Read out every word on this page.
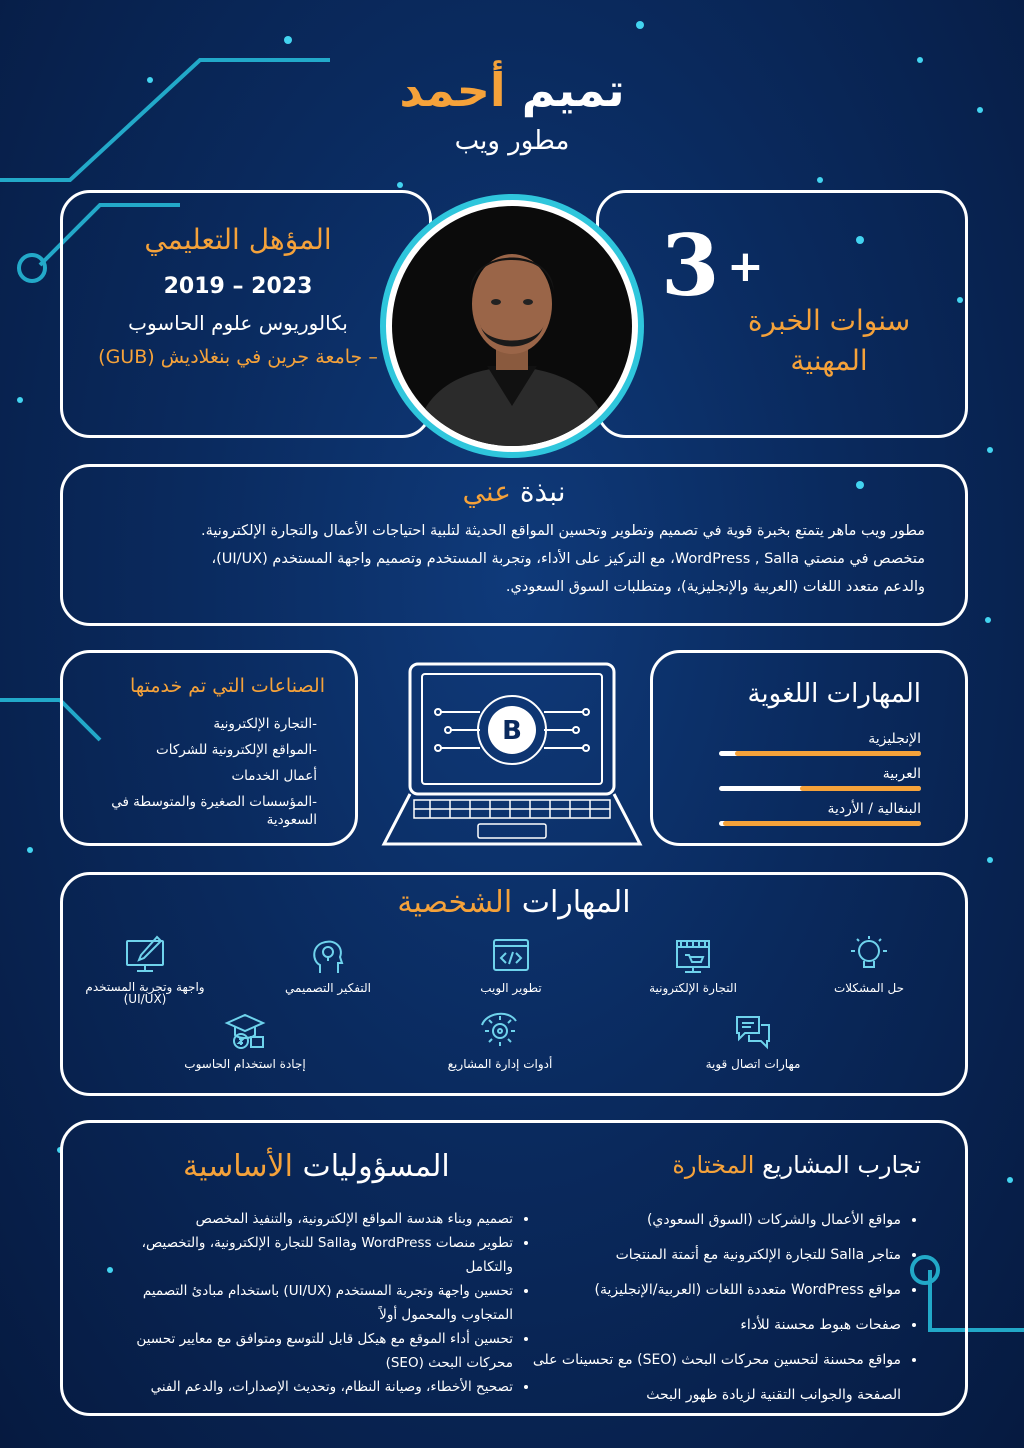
تميم أحمد
مطور ويب
المؤهل التعليمي
2019 – 2023
بكالوريوس علوم الحاسوب
– جامعة جرين في بنغلاديش (GUB)
3 +
سنوات الخبرة المهنية
نبذة عني
مطور ويب ماهر يتمتع بخبرة قوية في تصميم وتطوير وتحسين المواقع الحديثة لتلبية احتياجات الأعمال والتجارة الإلكترونية.
متخصص في منصتي WordPress , Salla، مع التركيز على الأداء، وتجربة المستخدم وتصميم واجهة المستخدم (UI/UX)،
والدعم متعدد اللغات (العربية والإنجليزية)، ومتطلبات السوق السعودي.
الصناعات التي تم خدمتها
-التجارة الإلكترونية
-المواقع الإلكترونية للشركات
أعمال الخدمات
-المؤسسات الصغيرة والمتوسطة في السعودية
B
المهارات اللغوية
الإنجليزية
العربية
البنغالية / الأردية
المهارات الشخصية
حل المشكلات
التجارة الإلكترونية
تطوير الويب
التفكير التصميمي
واجهة وتجربة المستخدم (UI/UX)
مهارات اتصال قوية
أدوات إدارة المشاريع
إجادة استخدام الحاسوب
تجارب المشاريع المختارة
• مواقع الأعمال والشركات (السوق السعودي)
• متاجر Salla للتجارة الإلكترونية مع أتمتة المنتجات
• مواقع WordPress متعددة اللغات (العربية/الإنجليزية)
• صفحات هبوط محسنة للأداء
• مواقع محسنة لتحسين محركات البحث (SEO) مع تحسينات على الصفحة والجوانب التقنية لزيادة ظهور البحث
المسؤوليات الأساسية
• تصميم وبناء هندسة المواقع الإلكترونية، والتنفيذ المخصص
• تطوير منصات WordPress وSalla للتجارة الإلكترونية، والتخصيص، والتكامل
• تحسين واجهة وتجربة المستخدم (UI/UX) باستخدام مبادئ التصميم المتجاوب والمحمول أولاً
• تحسين أداء الموقع مع هيكل قابل للتوسع ومتوافق مع معايير تحسين محركات البحث (SEO)
• تصحيح الأخطاء، وصيانة النظام، وتحديث الإصدارات، والدعم الفني
